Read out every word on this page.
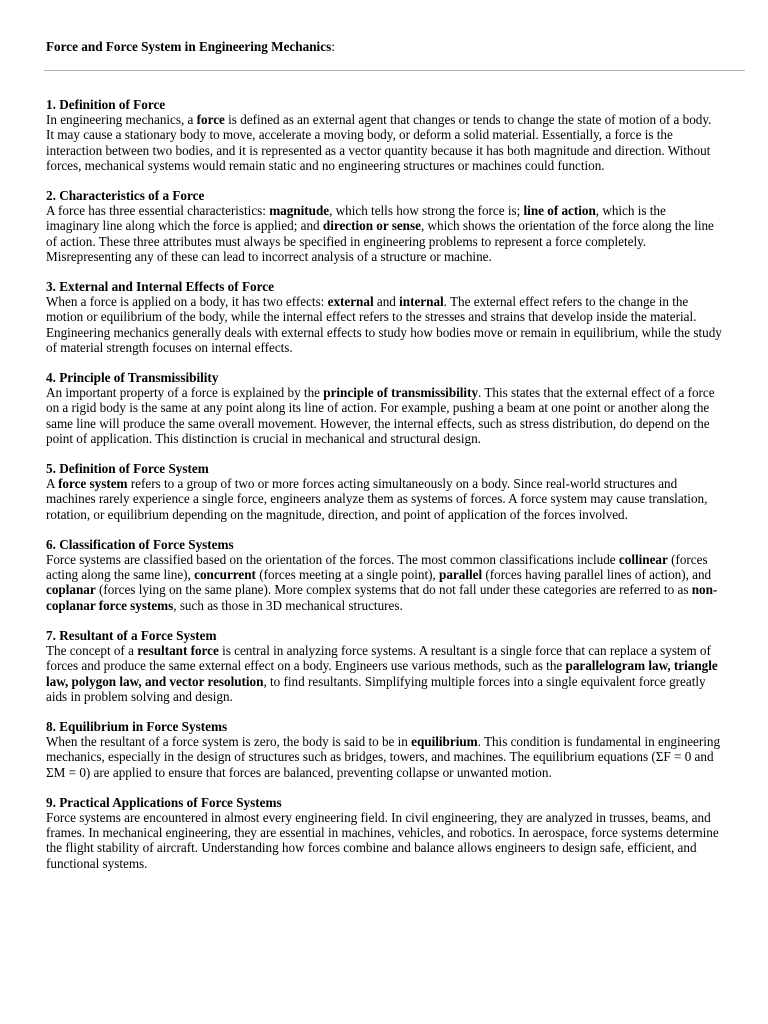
Force and Force System in Engineering Mechanics:

1. Definition of Force

In engineering mechanics, a force is defined as an external agent that changes or tends to change the state of motion of a body. It may cause a stationary body to move, accelerate a moving body, or deform a solid material. Essentially, a force is the interaction between two bodies, and it is represented as a vector quantity because it has both magnitude and direction. Without forces, mechanical systems would remain static and no engineering structures or machines could function.

2. Characteristics of a Force

A force has three essential characteristics: magnitude, which tells how strong the force is; line of action, which is the imaginary line along which the force is applied; and direction or sense, which shows the orientation of the force along the line of action. These three attributes must always be specified in engineering problems to represent a force completely. Misrepresenting any of these can lead to incorrect analysis of a structure or machine.

3. External and Internal Effects of Force

When a force is applied on a body, it has two effects: external and internal. The external effect refers to the change in the motion or equilibrium of the body, while the internal effect refers to the stresses and strains that develop inside the material. Engineering mechanics generally deals with external effects to study how bodies move or remain in equilibrium, while the study of material strength focuses on internal effects.

4. Principle of Transmissibility

An important property of a force is explained by the principle of transmissibility. This states that the external effect of a force on a rigid body is the same at any point along its line of action. For example, pushing a beam at one point or another along the same line will produce the same overall movement. However, the internal effects, such as stress distribution, do depend on the point of application. This distinction is crucial in mechanical and structural design.

5. Definition of Force System

A force system refers to a group of two or more forces acting simultaneously on a body. Since real-world structures and machines rarely experience a single force, engineers analyze them as systems of forces. A force system may cause translation, rotation, or equilibrium depending on the magnitude, direction, and point of application of the forces involved.

6. Classification of Force Systems

Force systems are classified based on the orientation of the forces. The most common classifications include collinear (forces acting along the same line), concurrent (forces meeting at a single point), parallel (forces having parallel lines of action), and coplanar (forces lying on the same plane). More complex systems that do not fall under these categories are referred to as non-coplanar force systems, such as those in 3D mechanical structures.

7. Resultant of a Force System

The concept of a resultant force is central in analyzing force systems. A resultant is a single force that can replace a system of forces and produce the same external effect on a body. Engineers use various methods, such as the parallelogram law, triangle law, polygon law, and vector resolution, to find resultants. Simplifying multiple forces into a single equivalent force greatly aids in problem solving and design.

8. Equilibrium in Force Systems

When the resultant of a force system is zero, the body is said to be in equilibrium. This condition is fundamental in engineering mechanics, especially in the design of structures such as bridges, towers, and machines. The equilibrium equations (ΣF = 0 and ΣM = 0) are applied to ensure that forces are balanced, preventing collapse or unwanted motion.

9. Practical Applications of Force Systems

Force systems are encountered in almost every engineering field. In civil engineering, they are analyzed in trusses, beams, and frames. In mechanical engineering, they are essential in machines, vehicles, and robotics. In aerospace, force systems determine the flight stability of aircraft. Understanding how forces combine and balance allows engineers to design safe, efficient, and functional systems.
